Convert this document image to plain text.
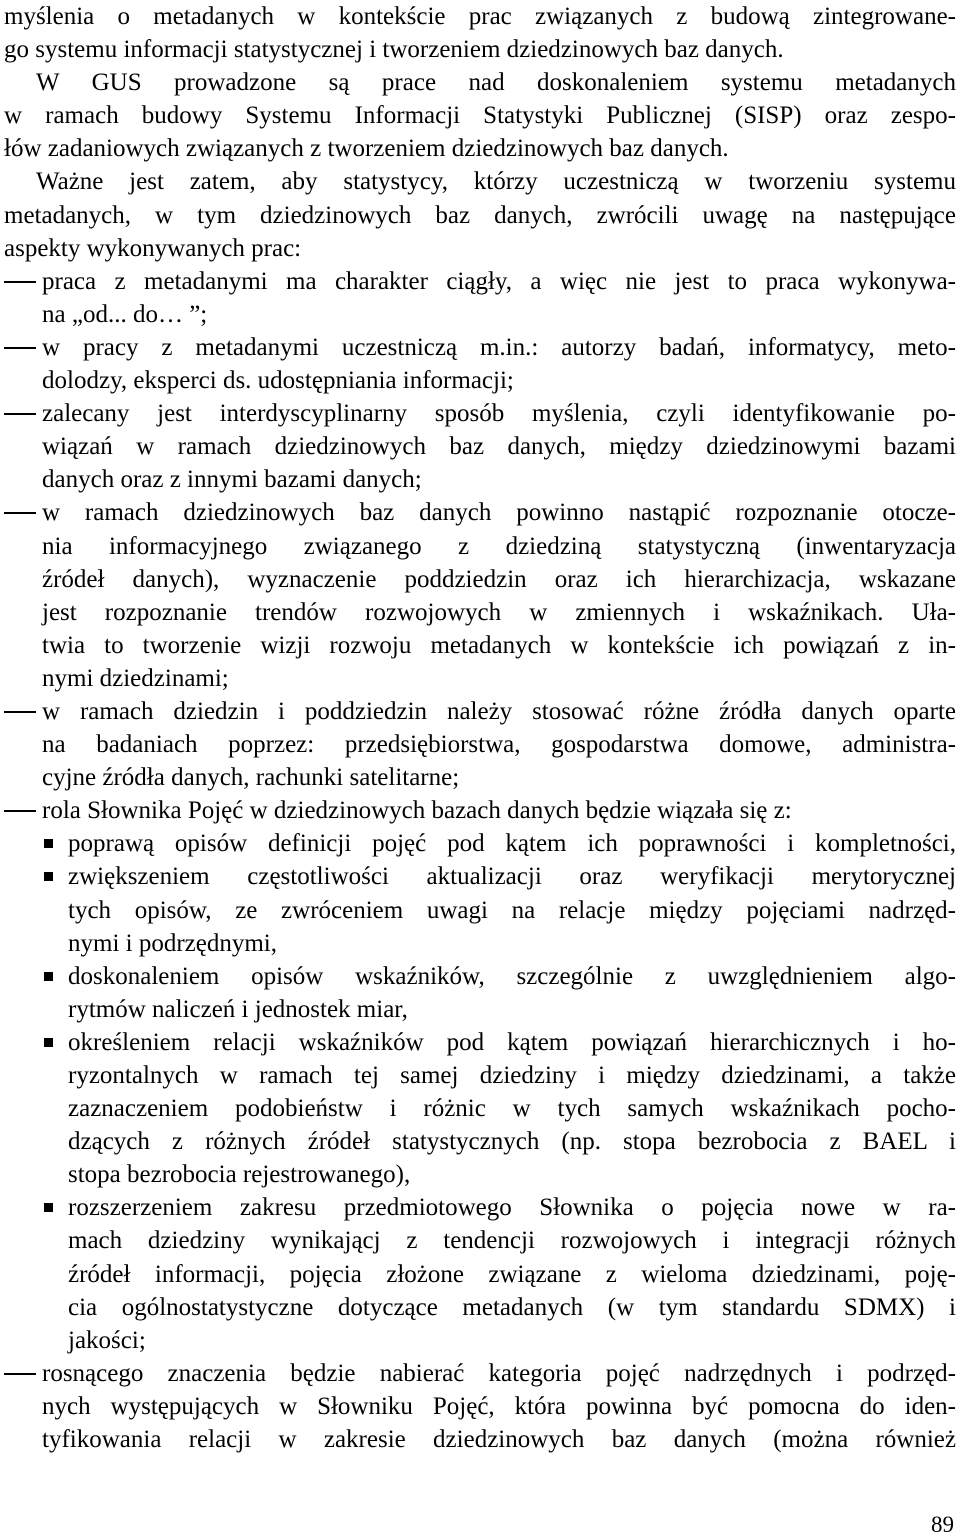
myślenia o metadanych w kontekście prac związanych z budową zintegrowane-
go systemu informacji statystycznej i tworzeniem dziedzinowych baz danych.
W GUS prowadzone są prace nad doskonaleniem systemu metadanych
w ramach budowy Systemu Informacji Statystyki Publicznej (SISP) oraz zespo-
łów zadaniowych związanych z tworzeniem dziedzinowych baz danych.
Ważne jest zatem, aby statystycy, którzy uczestniczą w tworzeniu systemu
metadanych, w tym dziedzinowych baz danych, zwrócili uwagę na następujące
aspekty wykonywanych prac:
praca z metadanymi ma charakter ciągły, a więc nie jest to praca wykonywa-
na „od... do… ”;
w pracy z metadanymi uczestniczą m.in.: autorzy badań, informatycy, meto-
dolodzy, eksperci ds. udostępniania informacji;
zalecany jest interdyscyplinarny sposób myślenia, czyli identyfikowanie po-
wiązań w ramach dziedzinowych baz danych, między dziedzinowymi bazami
danych oraz z innymi bazami danych;
w ramach dziedzinowych baz danych powinno nastąpić rozpoznanie otocze-
nia informacyjnego związanego z dziedziną statystyczną (inwentaryzacja
źródeł danych), wyznaczenie poddziedzin oraz ich hierarchizacja, wskazane
jest rozpoznanie trendów rozwojowych w zmiennych i wskaźnikach. Uła-
twia to tworzenie wizji rozwoju metadanych w kontekście ich powiązań z in-
nymi dziedzinami;
w ramach dziedzin i poddziedzin należy stosować różne źródła danych oparte
na badaniach poprzez: przedsiębiorstwa, gospodarstwa domowe, administra-
cyjne źródła danych, rachunki satelitarne;
rola Słownika Pojęć w dziedzinowych bazach danych będzie wiązała się z:
poprawą opisów definicji pojęć pod kątem ich poprawności i kompletności,
zwiększeniem częstotliwości aktualizacji oraz weryfikacji merytorycznej
tych opisów, ze zwróceniem uwagi na relacje między pojęciami nadrzęd-
nymi i podrzędnymi,
doskonaleniem opisów wskaźników, szczególnie z uwzględnieniem algo-
rytmów naliczeń i jednostek miar,
określeniem relacji wskaźników pod kątem powiązań hierarchicznych i ho-
ryzontalnych w ramach tej samej dziedziny i między dziedzinami, a także
zaznaczeniem podobieństw i różnic w tych samych wskaźnikach pocho-
dzących z różnych źródeł statystycznych (np. stopa bezrobocia z BAEL i
stopa bezrobocia rejestrowanego),
rozszerzeniem zakresu przedmiotowego Słownika o pojęcia nowe w ra-
mach dziedziny wynikającj z tendencji rozwojowych i integracji różnych
źródeł informacji, pojęcia złożone związane z wieloma dziedzinami, poję-
cia ogólnostatystyczne dotyczące metadanych (w tym standardu SDMX) i
jakości;
rosnącego znaczenia będzie nabierać kategoria pojęć nadrzędnych i podrzęd-
nych występujących w Słowniku Pojęć, która powinna być pomocna do iden-
tyfikowania relacji w zakresie dziedzinowych baz danych (można również
89
